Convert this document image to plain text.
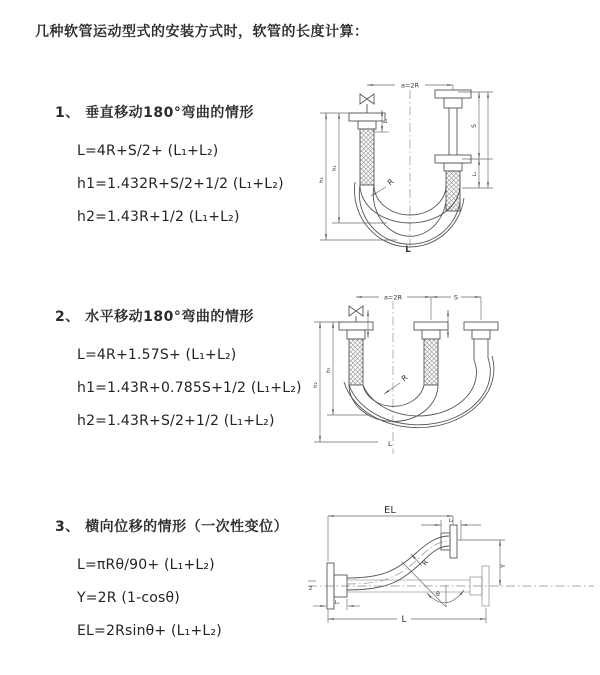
几种软管运动型式的安装方式时，软管的长度计算：
1、 垂直移动180°弯曲的情形
L=4R+S/2+ (L₁+L₂)
h1=1.432R+S/2+1/2 (L₁+L₂)
h2=1.43R+1/2 (L₁+L₂)
2、 水平移动180°弯曲的情形
L=4R+1.57S+ (L₁+L₂)
h1=1.43R+0.785S+1/2 (L₁+L₂)
h2=1.43R+S/2+1/2 (L₁+L₂)
3、 横向位移的情形（一次性变位）
L=πRθ/90+ (L₁+L₂)
Y=2R (1-cosθ)
EL=2Rsinθ+ (L₁+L₂)
a=2R
h₁
h₂
L₁
S
L₁
R
L
a=2R	S
h₁
h₂
R
L
z
EL
L₁
Y
R
θ
L
L₁
